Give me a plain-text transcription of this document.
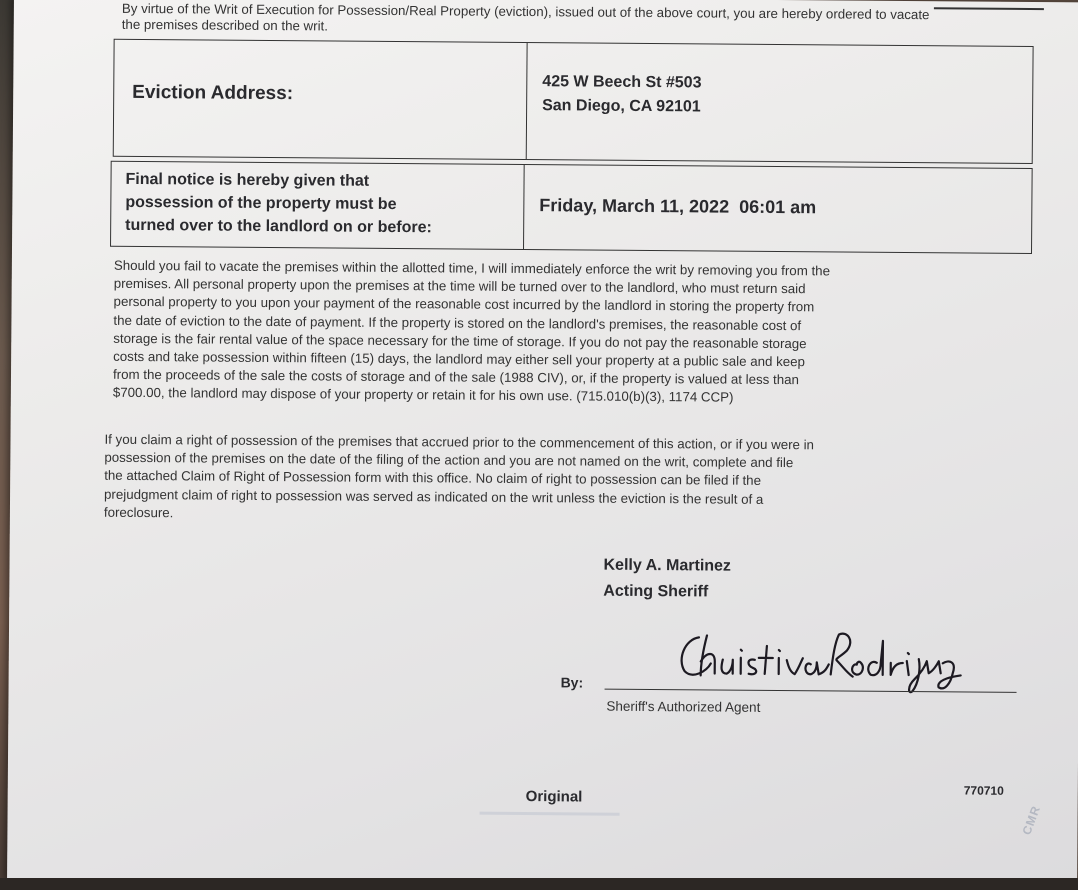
By virtue of the Writ of Execution for Possession/Real Property (eviction), issued out of the above court, you are hereby ordered to vacate the premises described on the writ.
Eviction Address:	425 W Beech St #503
San Diego, CA 92101
Final notice is hereby given that
possession of the property must be
turned over to the landlord on or before:
Friday, March 11, 2022  06:01 am
Should you fail to vacate the premises within the allotted time, I will immediately enforce the writ by removing you from the
premises. All personal property upon the premises at the time will be turned over to the landlord, who must return said
personal property to you upon your payment of the reasonable cost incurred by the landlord in storing the property from
the date of eviction to the date of payment. If the property is stored on the landlord's premises, the reasonable cost of
storage is the fair rental value of the space necessary for the time of storage. If you do not pay the reasonable storage
costs and take possession within fifteen (15) days, the landlord may either sell your property at a public sale and keep
from the proceeds of the sale the costs of storage and of the sale (1988 CIV), or, if the property is valued at less than
$700.00, the landlord may dispose of your property or retain it for his own use. (715.010(b)(3), 1174 CCP)
If you claim a right of possession of the premises that accrued prior to the commencement of this action, or if you were in
possession of the premises on the date of the filing of the action and you are not named on the writ, complete and file
the attached Claim of Right of Possession form with this office. No claim of right to possession can be filed if the
prejudgment claim of right to possession was served as indicated on the writ unless the eviction is the result of a
foreclosure.
Kelly A. Martinez
Acting Sheriff
By:
Sheriff's Authorized Agent
Original	770710
CMR
